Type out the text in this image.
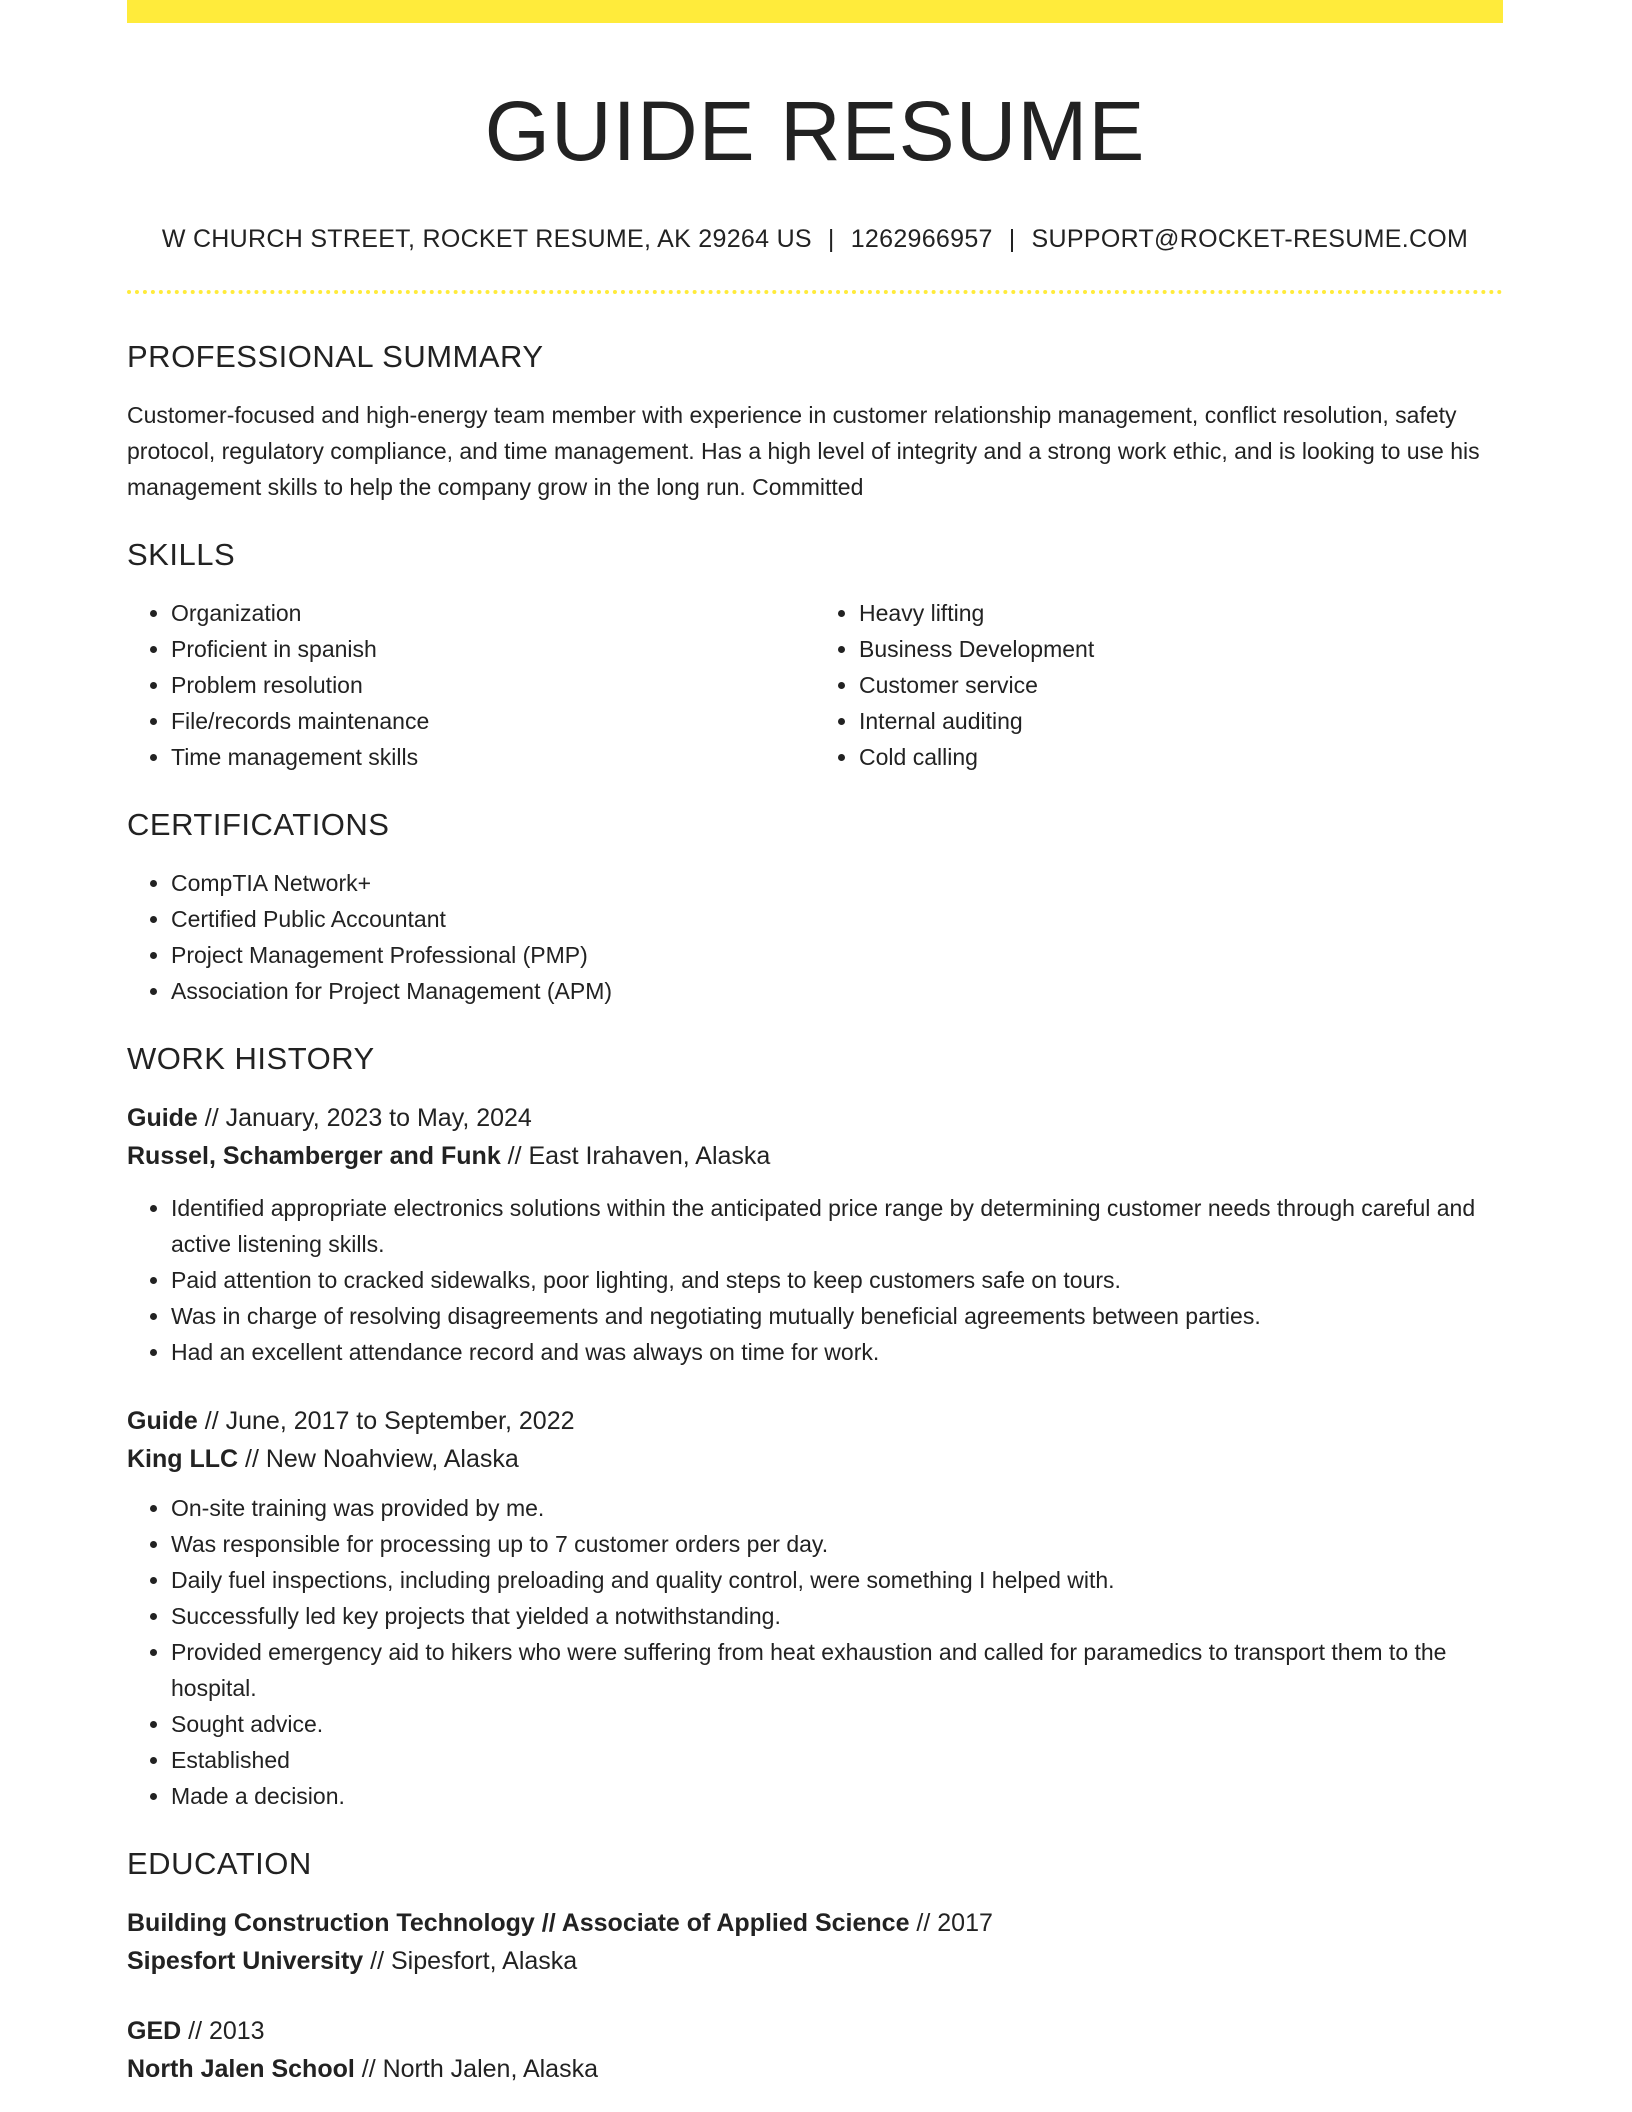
GUIDE RESUME
W CHURCH STREET, ROCKET RESUME, AK 29264 US | 1262966957 | SUPPORT@ROCKET-RESUME.COM
PROFESSIONAL SUMMARY
Customer-focused and high-energy team member with experience in customer relationship management, conflict resolution, safety protocol, regulatory compliance, and time management. Has a high level of integrity and a strong work ethic, and is looking to use his management skills to help the company grow in the long run. Committed
SKILLS
• Organization
• Proficient in spanish
• Problem resolution
• File/records maintenance
• Time management skills
• Heavy lifting
• Business Development
• Customer service
• Internal auditing
• Cold calling
CERTIFICATIONS
• CompTIA Network+
• Certified Public Accountant
• Project Management Professional (PMP)
• Association for Project Management (APM)
WORK HISTORY
Guide // January, 2023 to May, 2024
Russel, Schamberger and Funk // East Irahaven, Alaska
• Identified appropriate electronics solutions within the anticipated price range by determining customer needs through careful and active listening skills.
• Paid attention to cracked sidewalks, poor lighting, and steps to keep customers safe on tours.
• Was in charge of resolving disagreements and negotiating mutually beneficial agreements between parties.
• Had an excellent attendance record and was always on time for work.
Guide // June, 2017 to September, 2022
King LLC // New Noahview, Alaska
• On-site training was provided by me.
• Was responsible for processing up to 7 customer orders per day.
• Daily fuel inspections, including preloading and quality control, were something I helped with.
• Successfully led key projects that yielded a notwithstanding.
• Provided emergency aid to hikers who were suffering from heat exhaustion and called for paramedics to transport them to the hospital.
• Sought advice.
• Established
• Made a decision.
EDUCATION
Building Construction Technology // Associate of Applied Science // 2017
Sipesfort University // Sipesfort, Alaska
GED // 2013
North Jalen School // North Jalen, Alaska
